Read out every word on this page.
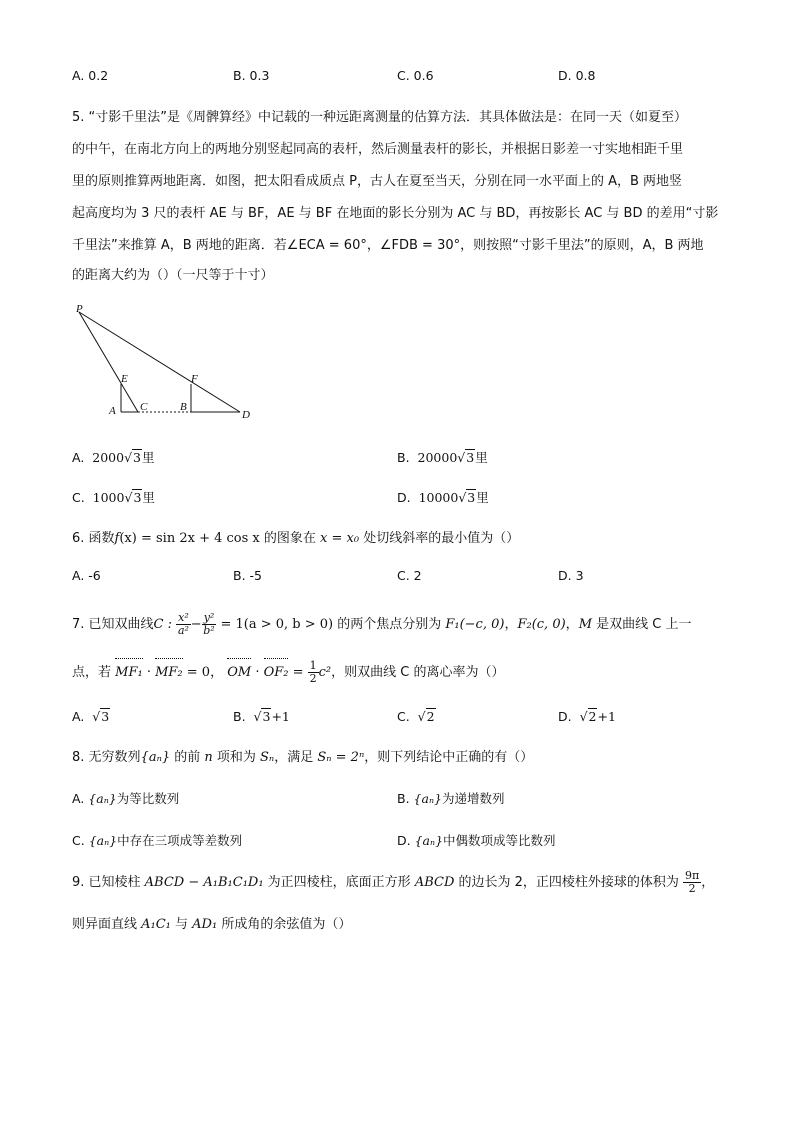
A. 0.2	B. 0.3	C. 0.6	D. 0.8
5. “寸影千里法”是《周髀算经》中记载的一种远距离测量的估算方法．其具体做法是：在同一天（如夏至）
的中午，在南北方向上的两地分别竖起同高的表杆，然后测量表杆的影长，并根据日影差一寸实地相距千里
里的原则推算两地距离．如图，把太阳看成质点 P，古人在夏至当天，分别在同一水平面上的 A，B 两地竖
起高度均为 3 尺的表杆 AE 与 BF，AE 与 BF 在地面的影长分别为 AC 与 BD，再按影长 AC 与 BD 的差用“寸影
千里法”来推算 A，B 两地的距离．若∠ECA = 60°，∠FDB = 30°，则按照“寸影千里法”的原则，A，B 两地
的距离大约为（）（一尺等于十寸）
P
E	F
A C	B
D
A. 2000√3里	B. 20000√3里
C. 1000√3里	D. 10000√3里
6. 函数f(x) = sin 2x + 4 cos x 的图象在 x = x₀ 处切线斜率的最小值为（）
A. -6	B. -5	C. 2	D. 3
7. 已知双曲线C : $\frac{\text{x²}}{\text{a²}} - \frac{\text{y²}}{\text{b²}} = 1(a > 0$, b > 0) 的两个焦点分别为 F₁(−c, 0)，F₂(c, 0)，M 是双曲线 C 上一
点，若 MF₁ · MF₂ = 0， OM · $OF_2 = \frac{1}{2} c^2$，则双曲线 C 的离心率为（）
A. √3	B. √3+1	C. √2	D. √2+1
8. 无穷数列{aₙ} 的前 n 项和为 Sₙ，满足 Sₙ = 2ⁿ，则下列结论中正确的有（）
A. {aₙ}为等比数列	B. {aₙ}为递增数列
C. {aₙ}中存在三项成等差数列	D. {aₙ}中偶数项成等比数列
9. 已知棱柱 ABCD − A₁B₁C₁D₁ 为正四棱柱，底面正方形 ABCD 的边长为 2，正四棱柱外接球的体积为 $\frac{9\pi}{2}$ ，
则异面直线 A₁C₁ 与 AD₁ 所成角的余弦值为（）
